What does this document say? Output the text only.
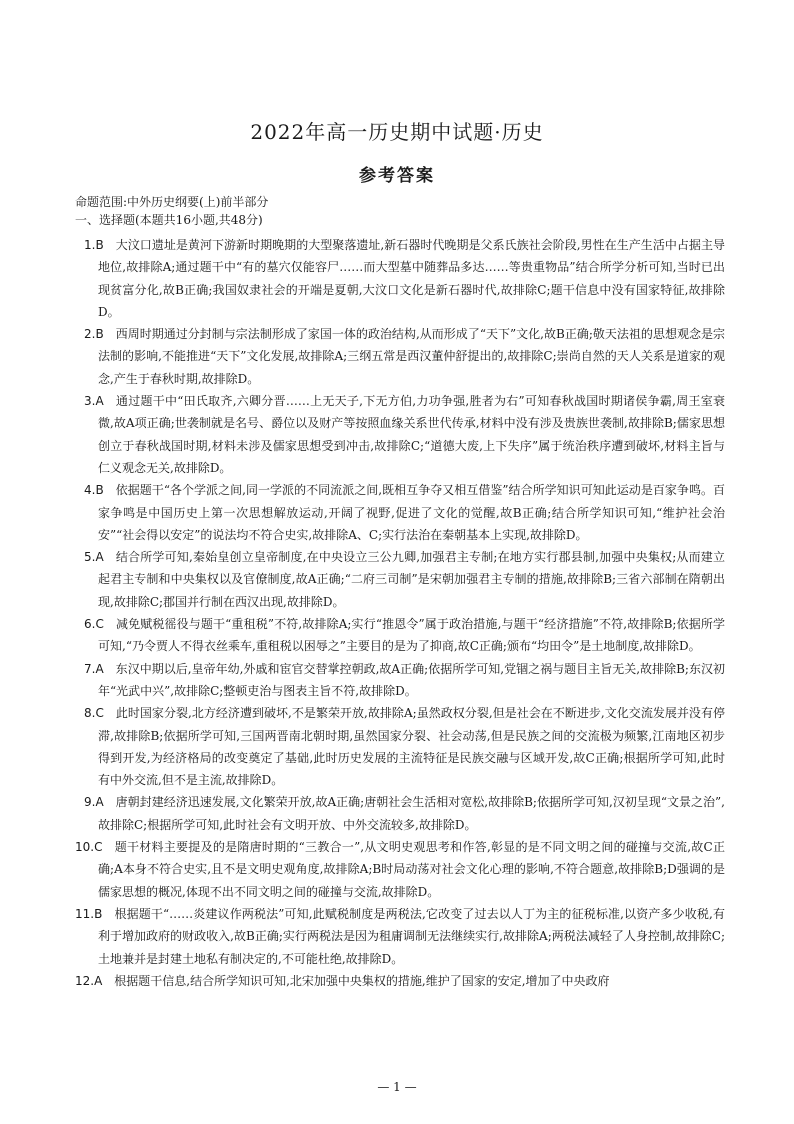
2022年高一历史期中试题·历史
参考答案
命题范围:中外历史纲要(上)前半部分
一、选择题(本题共16小题,共48分)

1.B  大汶口遗址是黄河下游新时期晚期的大型聚落遗址,新石器时代晚期是父系氏族社会阶段,男性在生产生活中占据主导地位,故排除A;通过题干中“有的墓穴仅能容尸……而大型墓中随葬品多达……等贵重物品”结合所学分析可知,当时已出现贫富分化,故B正确;我国奴隶社会的开端是夏朝,大汶口文化是新石器时代,故排除C;题干信息中没有国家特征,故排除D。

2.B  西周时期通过分封制与宗法制形成了家国一体的政治结构,从而形成了“天下”文化,故B正确;敬天法祖的思想观念是宗法制的影响,不能推进“天下”文化发展,故排除A;三纲五常是西汉董仲舒提出的,故排除C;崇尚自然的天人关系是道家的观念,产生于春秋时期,故排除D。

3.A  通过题干中“田氏取齐,六卿分晋……上无天子,下无方伯,力功争强,胜者为右”可知春秋战国时期诸侯争霸,周王室衰微,故A项正确;世袭制就是名号、爵位以及财产等按照血缘关系世代传承,材料中没有涉及贵族世袭制,故排除B;儒家思想创立于春秋战国时期,材料未涉及儒家思想受到冲击,故排除C;“道德大废,上下失序”属于统治秩序遭到破坏,材料主旨与仁义观念无关,故排除D。

4.B  依据题干“各个学派之间,同一学派的不同流派之间,既相互争夺又相互借鉴”结合所学知识可知此运动是百家争鸣。百家争鸣是中国历史上第一次思想解放运动,开阔了视野,促进了文化的觉醒,故B正确;结合所学知识可知,“维护社会治安”“社会得以安定”的说法均不符合史实,故排除A、C;实行法治在秦朝基本上实现,故排除D。

5.A  结合所学可知,秦始皇创立皇帝制度,在中央设立三公九卿,加强君主专制;在地方实行郡县制,加强中央集权;从而建立起君主专制和中央集权以及官僚制度,故A正确;“二府三司制”是宋朝加强君主专制的措施,故排除B;三省六部制在隋朝出现,故排除C;郡国并行制在西汉出现,故排除D。

6.C  减免赋税徭役与题干“重租税”不符,故排除A;实行“推恩令”属于政治措施,与题干“经济措施”不符,故排除B;依据所学可知,“乃令贾人不得衣丝乘车,重租税以困辱之”主要目的是为了抑商,故C正确;颁布“均田令”是土地制度,故排除D。

7.A  东汉中期以后,皇帝年幼,外戚和宦官交替掌控朝政,故A正确;依据所学可知,党锢之祸与题目主旨无关,故排除B;东汉初年“光武中兴”,故排除C;整顿吏治与图表主旨不符,故排除D。

8.C  此时国家分裂,北方经济遭到破坏,不是繁荣开放,故排除A;虽然政权分裂,但是社会在不断进步,文化交流发展并没有停滞,故排除B;依据所学可知,三国两晋南北朝时期,虽然国家分裂、社会动荡,但是民族之间的交流极为频繁,江南地区初步得到开发,为经济格局的改变奠定了基础,此时历史发展的主流特征是民族交融与区域开发,故C正确;根据所学可知,此时有中外交流,但不是主流,故排除D。

9.A  唐朝封建经济迅速发展,文化繁荣开放,故A正确;唐朝社会生活相对宽松,故排除B;依据所学可知,汉初呈现“文景之治”,故排除C;根据所学可知,此时社会有文明开放、中外交流较多,故排除D。

10.C  题干材料主要提及的是隋唐时期的“三教合一”,从文明史观思考和作答,彰显的是不同文明之间的碰撞与交流,故C正确;A本身不符合史实,且不是文明史观角度,故排除A;B时局动荡对社会文化心理的影响,不符合题意,故排除B;D强调的是儒家思想的概况,体现不出不同文明之间的碰撞与交流,故排除D。

11.B  根据题干“……炎建议作两税法”可知,此赋税制度是两税法,它改变了过去以人丁为主的征税标准,以资产多少收税,有利于增加政府的财政收入,故B正确;实行两税法是因为租庸调制无法继续实行,故排除A;两税法减轻了人身控制,故排除C;土地兼并是封建土地私有制决定的,不可能杜绝,故排除D。

12.A  根据题干信息,结合所学知识可知,北宋加强中央集权的措施,维护了国家的安定,增加了中央政府

— 1 —
